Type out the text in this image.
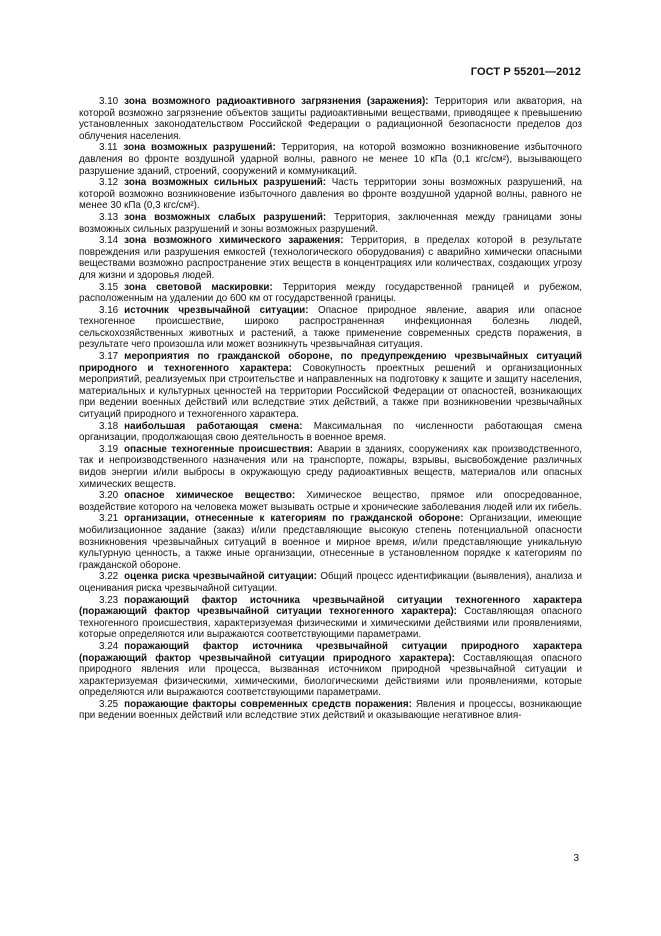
ГОСТ Р 55201—2012

3.10 зона возможного радиоактивного загрязнения (заражения): Территория или акватория, на которой возможно загрязнение объектов защиты радиоактивными веществами, приводящее к превышению установленных законодательством Российской Федерации о радиационной безопасности пределов доз облучения населения.

3.11 зона возможных разрушений: Территория, на которой возможно возникновение избыточного давления во фронте воздушной ударной волны, равного не менее 10 кПа (0,1 кгс/см²), вызывающего разрушение зданий, строений, сооружений и коммуникаций.

3.12 зона возможных сильных разрушений: Часть территории зоны возможных разрушений, на которой возможно возникновение избыточного давления во фронте воздушной ударной волны, равного не менее 30 кПа (0,3 кгс/см²).

3.13 зона возможных слабых разрушений: Территория, заключенная между границами зоны возможных сильных разрушений и зоны возможных разрушений.

3.14 зона возможного химического заражения: Территория, в пределах которой в результате повреждения или разрушения емкостей (технологического оборудования) с аварийно химически опасными веществами возможно распространение этих веществ в концентрациях или количествах, создающих угрозу для жизни и здоровья людей.

3.15 зона световой маскировки: Территория между государственной границей и рубежом, расположенным на удалении до 600 км от государственной границы.

3.16 источник чрезвычайной ситуации: Опасное природное явление, авария или опасное техногенное происшествие, широко распространенная инфекционная болезнь людей, сельскохозяйственных животных и растений, а также применение современных средств поражения, в результате чего произошла или может возникнуть чрезвычайная ситуация.

3.17 мероприятия по гражданской обороне, по предупреждению чрезвычайных ситуаций природного и техногенного характера: Совокупность проектных решений и организационных мероприятий, реализуемых при строительстве и направленных на подготовку к защите и защиту населения, материальных и культурных ценностей на территории Российской Федерации от опасностей, возникающих при ведении военных действий или вследствие этих действий, а также при возникновении чрезвычайных ситуаций природного и техногенного характера.

3.18 наибольшая работающая смена: Максимальная по численности работающая смена организации, продолжающая свою деятельность в военное время.

3.19 опасные техногенные происшествия: Аварии в зданиях, сооружениях как производственного, так и непроизводственного назначения или на транспорте, пожары, взрывы, высвобождение различных видов энергии и/или выбросы в окружающую среду радиоактивных веществ, материалов или опасных химических веществ.

3.20 опасное химическое вещество: Химическое вещество, прямое или опосредованное, воздействие которого на человека может вызывать острые и хронические заболевания людей или их гибель.

3.21 организации, отнесенные к категориям по гражданской обороне: Организации, имеющие мобилизационное задание (заказ) и/или представляющие высокую степень потенциальной опасности возникновения чрезвычайных ситуаций в военное и мирное время, и/или представляющие уникальную культурную ценность, а также иные организации, отнесенные в установленном порядке к категориям по гражданской обороне.

3.22 оценка риска чрезвычайной ситуации: Общий процесс идентификации (выявления), анализа и оценивания риска чрезвычайной ситуации.

3.23 поражающий фактор источника чрезвычайной ситуации техногенного характера (поражающий фактор чрезвычайной ситуации техногенного характера): Составляющая опасного техногенного происшествия, характеризуемая физическими и химическими действиями или проявлениями, которые определяются или выражаются соответствующими параметрами.

3.24 поражающий фактор источника чрезвычайной ситуации природного характера (поражающий фактор чрезвычайной ситуации природного характера): Составляющая опасного природного явления или процесса, вызванная источником природной чрезвычайной ситуации и характеризуемая физическими, химическими, биологическими действиями или проявлениями, которые определяются или выражаются соответствующими параметрами.

3.25 поражающие факторы современных средств поражения: Явления и процессы, возникающие при ведении военных действий или вследствие этих действий и оказывающие негативное влия-

3
